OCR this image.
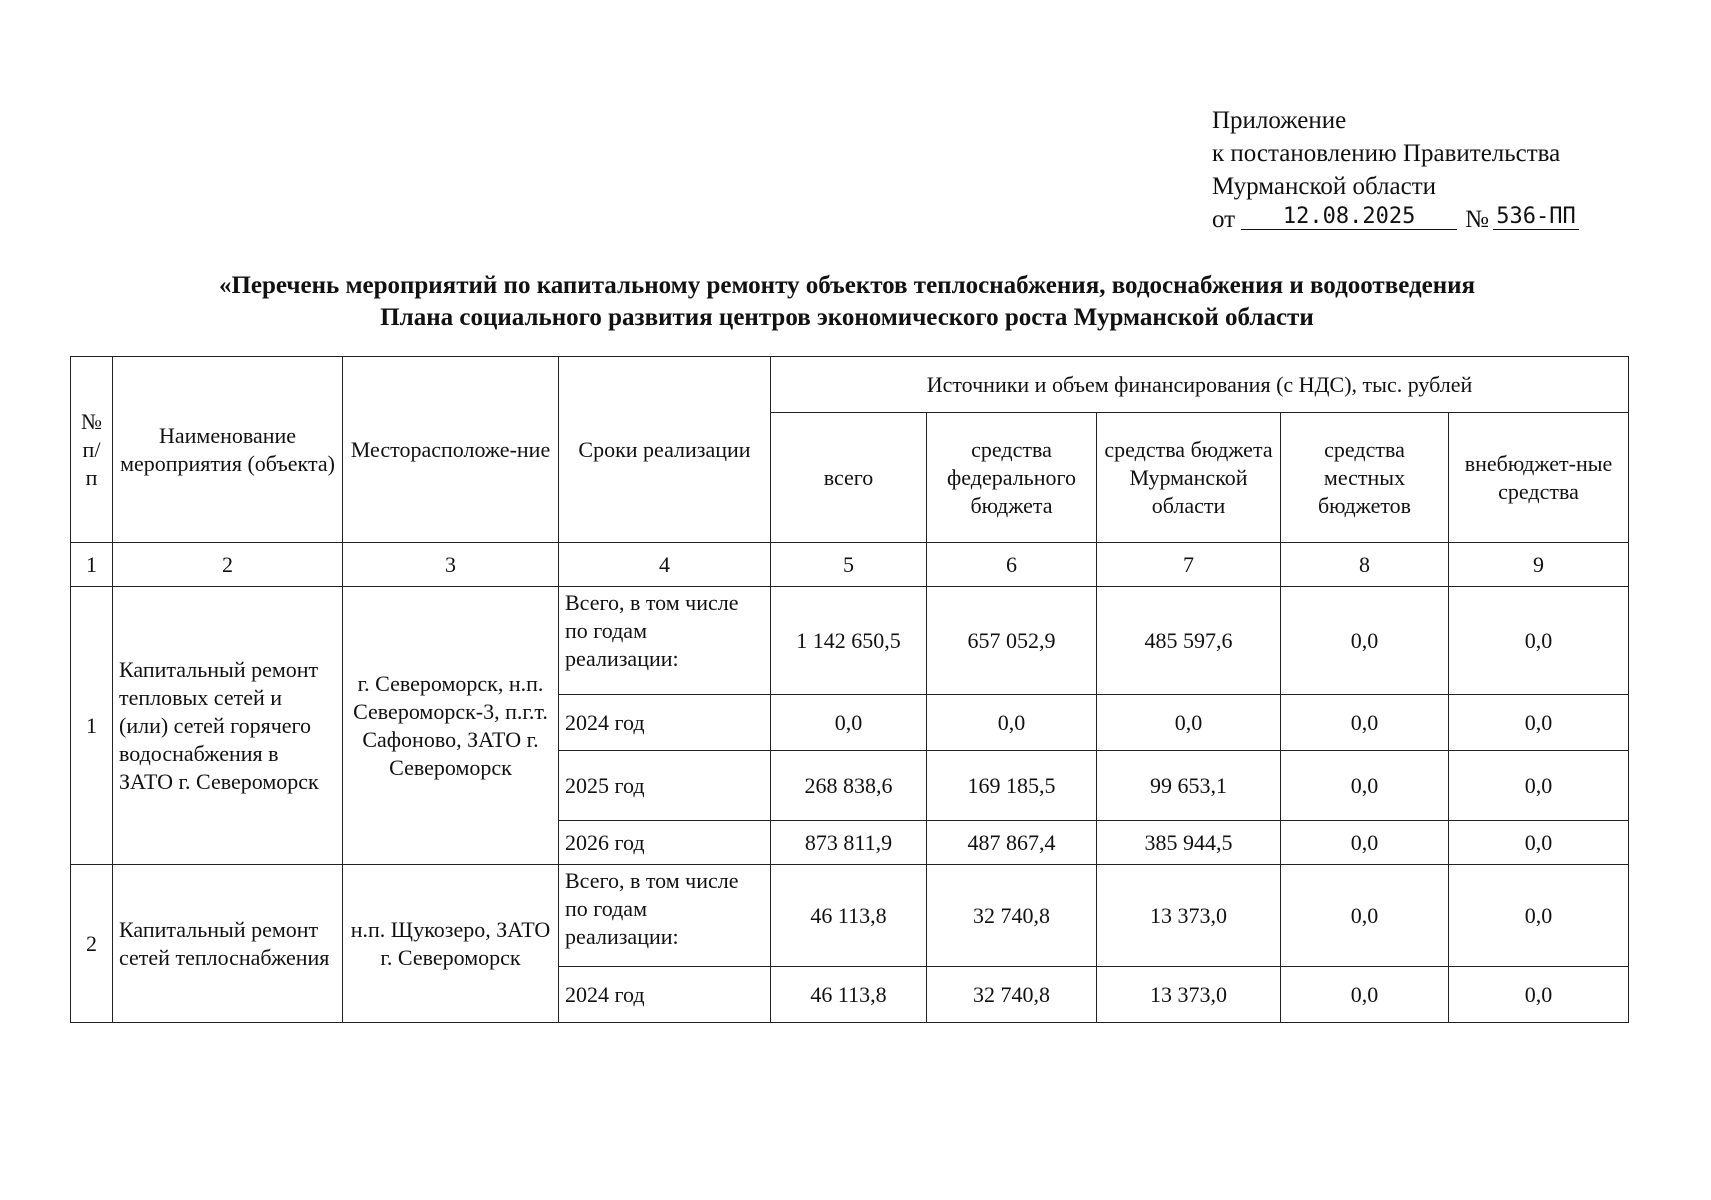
Приложение
к постановлению Правительства
Мурманской области
от 12.08.2025 № 536-ПП
«Перечень мероприятий по капитальному ремонту объектов теплоснабжения, водоснабжения и водоотведения
Плана социального развития центров экономического роста Мурманской области
№ п/п	Наименование мероприятия (объекта)	Месторасположе-ние	Сроки реализации	Источники и объем финансирования (с НДС), тыс. рублей				
				всего	средства федерального бюджета	средства бюджета Мурманской области	средства местных бюджетов	внебюджет-ные средства
1	2	3	4	5	6	7	8	9
1	Капитальный ремонт тепловых сетей и (или) сетей горячего водоснабжения в ЗАТО г. Североморск	г. Североморск, н.п. Североморск-3, п.г.т. Сафоново, ЗАТО г. Североморск	Всего, в том числе по годам реализации:	1 142 650,5	657 052,9	485 597,6	0,0	0,0
			2024 год	0,0	0,0	0,0	0,0	0,0
			2025 год	268 838,6	169 185,5	99 653,1	0,0	0,0
			2026 год	873 811,9	487 867,4	385 944,5	0,0	0,0
2	Капитальный ремонт сетей теплоснабжения	н.п. Щукозеро, ЗАТО г. Североморск	Всего, в том числе по годам реализации:	46 113,8	32 740,8	13 373,0	0,0	0,0
			2024 год	46 113,8	32 740,8	13 373,0	0,0	0,0
